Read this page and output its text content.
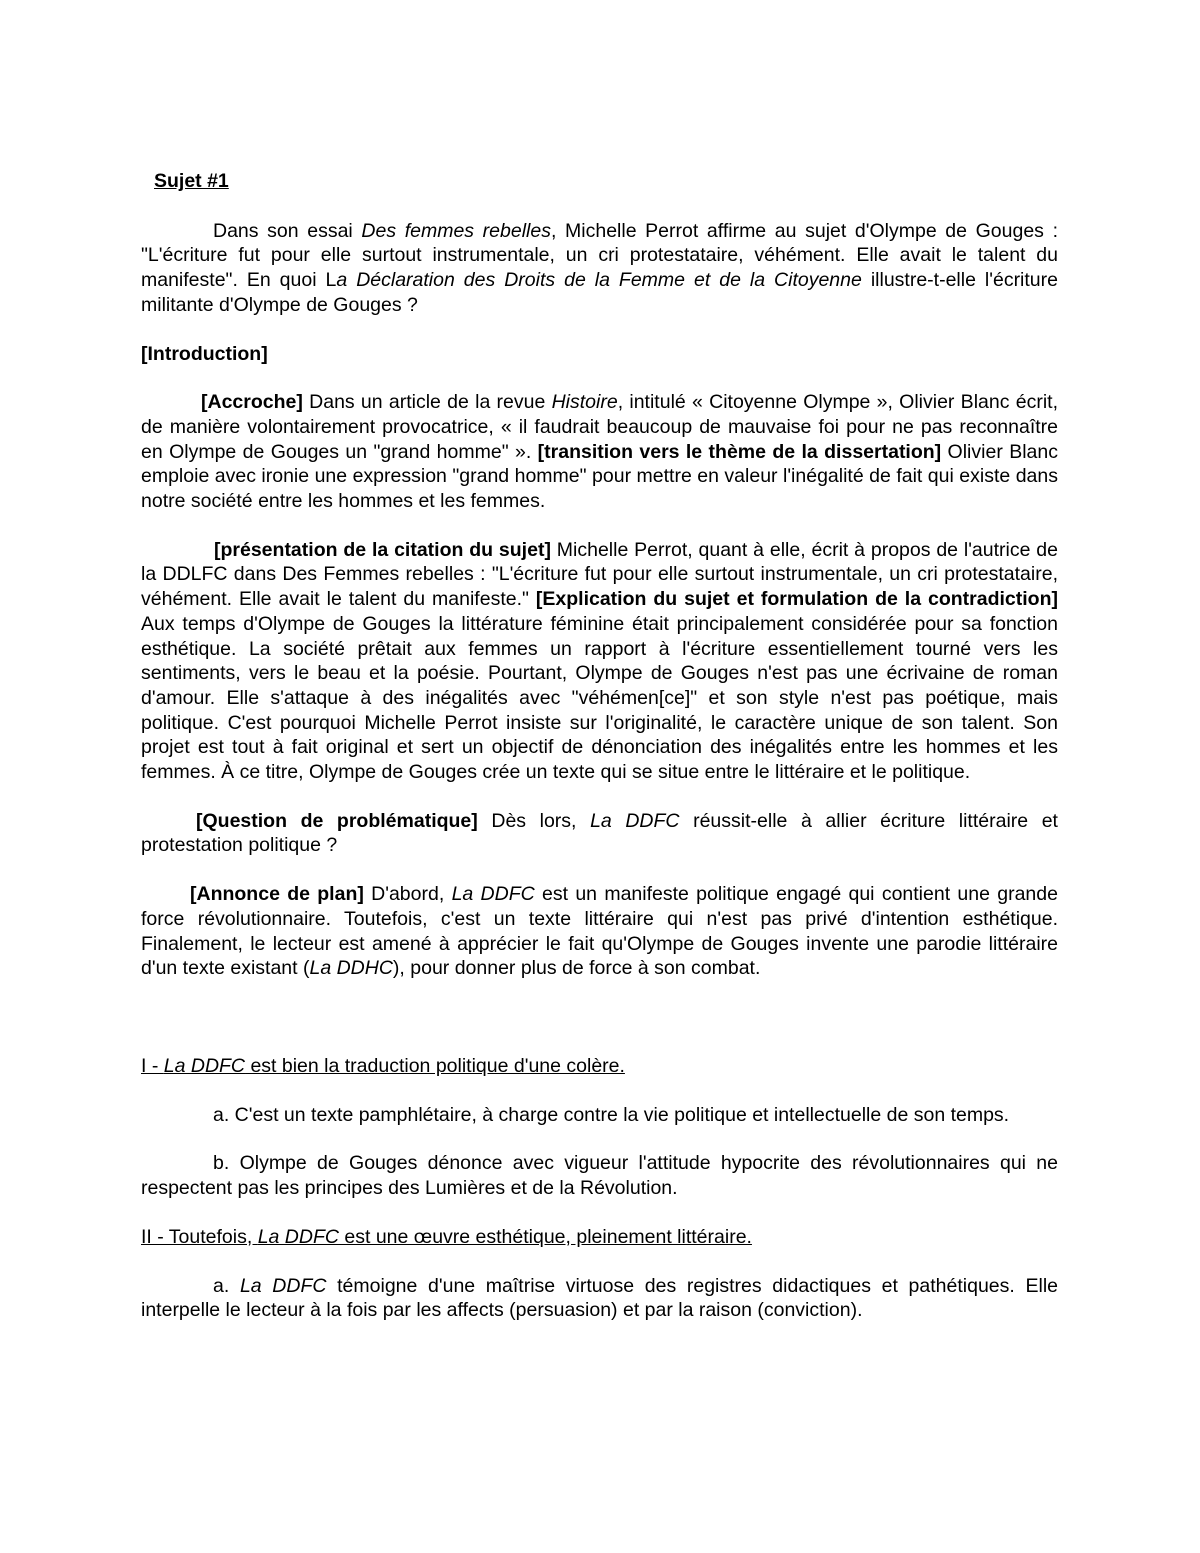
Sujet #1

Dans son essai Des femmes rebelles, Michelle Perrot affirme au sujet d'Olympe de Gouges : "L'écriture fut pour elle surtout instrumentale, un cri protestataire, véhément. Elle avait le talent du manifeste". En quoi La Déclaration des Droits de la Femme et de la Citoyenne illustre-t-elle l'écriture militante d'Olympe de Gouges ?

[Introduction]

[Accroche] Dans un article de la revue Histoire, intitulé « Citoyenne Olympe », Olivier Blanc écrit, de manière volontairement provocatrice, « il faudrait beaucoup de mauvaise foi pour ne pas reconnaître en Olympe de Gouges un "grand homme" ». [transition vers le thème de la dissertation] Olivier Blanc emploie avec ironie une expression "grand homme" pour mettre en valeur l'inégalité de fait qui existe dans notre société entre les hommes et les femmes.

[présentation de la citation du sujet] Michelle Perrot, quant à elle, écrit à propos de l'autrice de la DDLFC dans Des Femmes rebelles : "L'écriture fut pour elle surtout instrumentale, un cri protestataire, véhément. Elle avait le talent du manifeste." [Explication du sujet et formulation de la contradiction] Aux temps d'Olympe de Gouges la littérature féminine était principalement considérée pour sa fonction esthétique. La société prêtait aux femmes un rapport à l'écriture essentiellement tourné vers les sentiments, vers le beau et la poésie. Pourtant, Olympe de Gouges n'est pas une écrivaine de roman d'amour. Elle s'attaque à des inégalités avec "véhémen[ce]" et son style n'est pas poétique, mais politique. C'est pourquoi Michelle Perrot insiste sur l'originalité, le caractère unique de son talent. Son projet est tout à fait original et sert un objectif de dénonciation des inégalités entre les hommes et les femmes. À ce titre, Olympe de Gouges crée un texte qui se situe entre le littéraire et le politique.

[Question de problématique] Dès lors, La DDFC réussit-elle à allier écriture littéraire et protestation politique ?

[Annonce de plan] D'abord, La DDFC est un manifeste politique engagé qui contient une grande force révolutionnaire. Toutefois, c'est un texte littéraire qui n'est pas privé d'intention esthétique. Finalement, le lecteur est amené à apprécier le fait qu'Olympe de Gouges invente une parodie littéraire d'un texte existant (La DDHC), pour donner plus de force à son combat.

I - La DDFC est bien la traduction politique d'une colère.

a. C'est un texte pamphlétaire, à charge contre la vie politique et intellectuelle de son temps.

b. Olympe de Gouges dénonce avec vigueur l'attitude hypocrite des révolutionnaires qui ne respectent pas les principes des Lumières et de la Révolution.

II - Toutefois, La DDFC est une œuvre esthétique, pleinement littéraire.

a. La DDFC témoigne d'une maîtrise virtuose des registres didactiques et pathétiques. Elle interpelle le lecteur à la fois par les affects (persuasion) et par la raison (conviction).
